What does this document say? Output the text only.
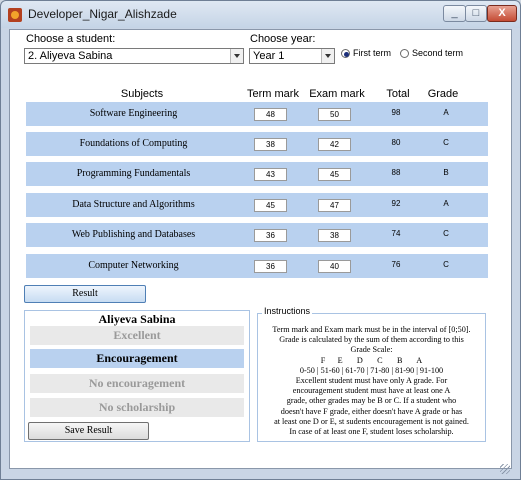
Developer_Nigar_Alishzade	_	□	X
Choose a student:
2. Aliyeva Sabina
Choose year:
Year 1	First term Second term
Subjects	Term mark Exam mark	Total	Grade
Software Engineering	48	50	98	A
Foundations of Computing	38	42	80	C
Programming Fundamentals	43	45	88	B
Data Structure and Algorithms	45	47	92	A
Web Publishing and Databases	36	38	74	C
Computer Networking	36	40	76	C
Result
Aliyeva Sabina
Excellent
Encouragement
No encouragement
No scholarship
Save Result
Instructions
Term mark and Exam mark must be in the interval of [0;50].
Grade is calculated by the sum of them according to this
Grade Scale:
F      E       D       C       B       A
0-50 | 51-60 | 61-70 | 71-80 | 81-90 | 91-100
Excellent student must have only A grade. For
encouragement student must have at least one A
grade, other grades may be B or C. If a student who
doesn't have F grade, either doesn't have A grade or has
at least one D or E, st sudents encouragement is not gained.
In case of at least one F, student loses scholarship.
